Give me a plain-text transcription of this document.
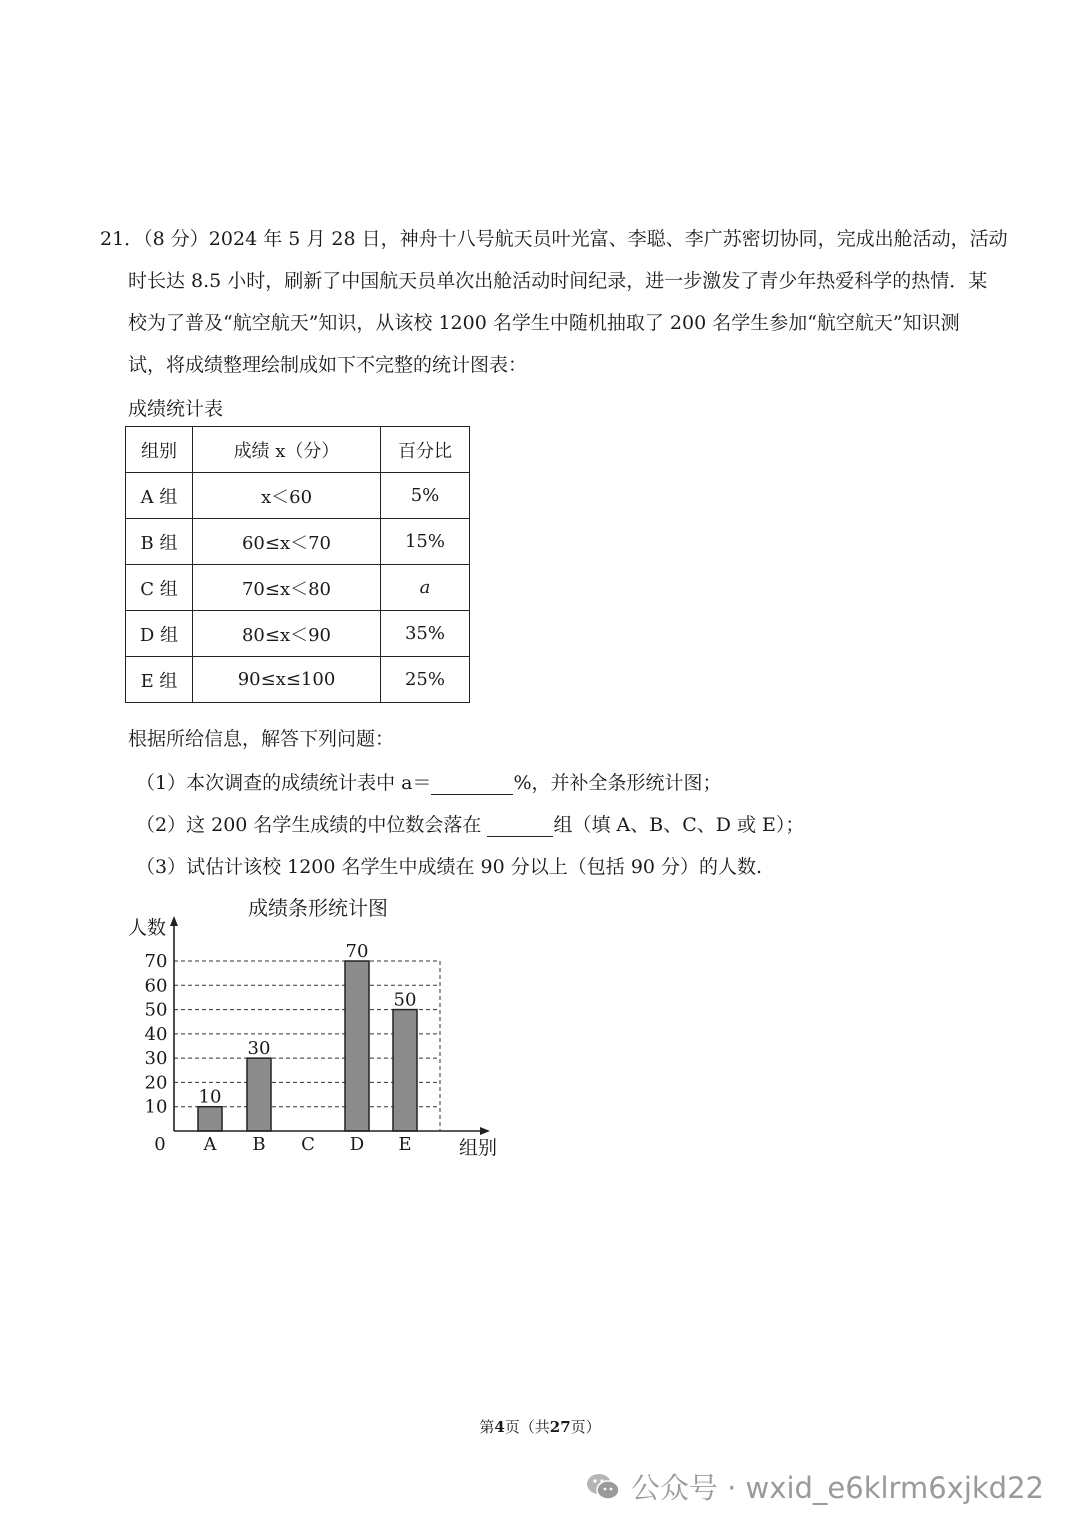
21．（8 分）2024 年 5 月 28 日，神舟十八号航天员叶光富、李聪、李广苏密切协同，完成出舱活动，活动
时长达 8.5 小时，刷新了中国航天员单次出舱活动时间纪录，进一步激发了青少年热爱科学的热情．某
校为了普及“航空航天”知识，从该校 1200 名学生中随机抽取了 200 名学生参加“航空航天”知识测
试，将成绩整理绘制成如下不完整的统计图表：
成绩统计表
组别	成绩 x（分）	百分比
A 组	x＜60	5%
B 组	60≤x＜70	15%
C 组	70≤x＜80	a
D 组	80≤x＜90	35%
E 组	90≤x≤100	25%
根据所给信息，解答下列问题：
（1）本次调查的成绩统计表中 a＝	%，并补全条形统计图；
（2）这 200 名学生成绩的中位数会落在	组（填 A、B、C、D 或 E）；
（3）试估计该校 1200 名学生中成绩在 90 分以上（包括 90 分）的人数.
成绩条形统计图
0
10
20
30
40
50
60
70
10
A
30
B C
70
D
50
E
人数
组别
第4页（共27页）
公众号 · wxid_e6klrm6xjkd22
